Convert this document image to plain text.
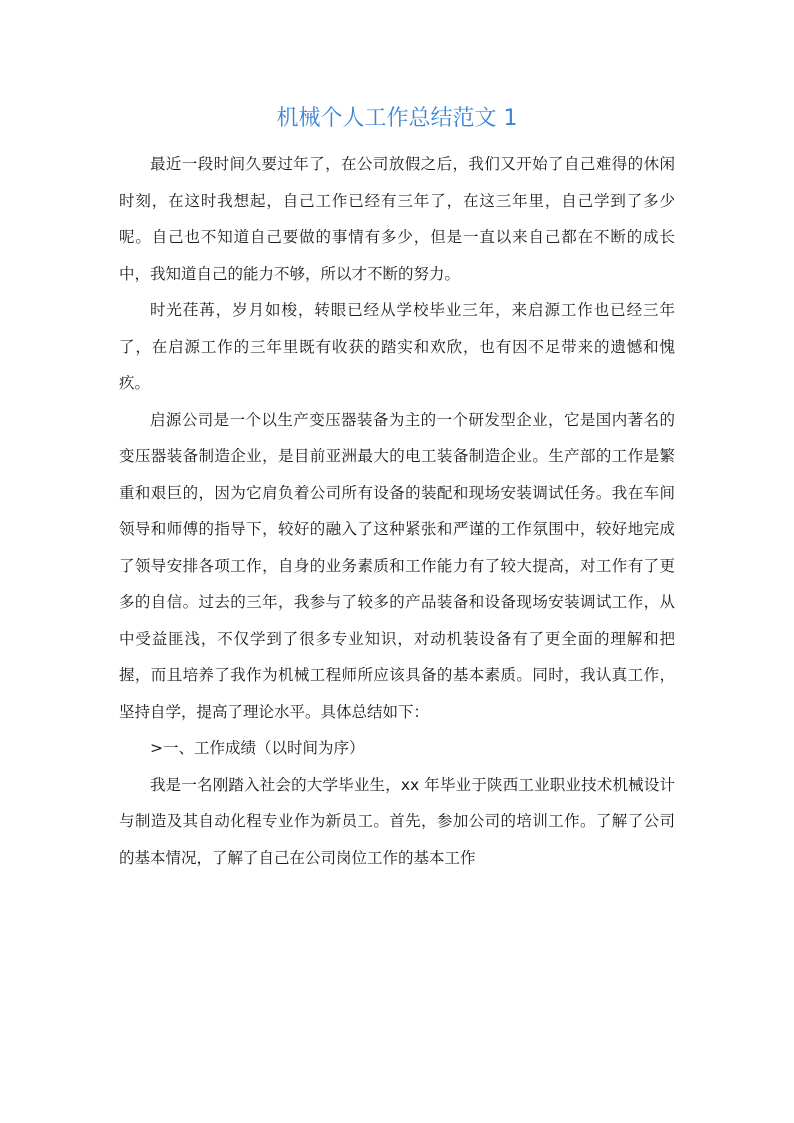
机械个人工作总结范文 1

最近一段时间久要过年了，在公司放假之后，我们又开始了自己难得的休闲时刻，在这时我想起，自己工作已经有三年了，在这三年里，自己学到了多少呢。自己也不知道自己要做的事情有多少，但是一直以来自己都在不断的成长中，我知道自己的能力不够，所以才不断的努力。

时光荏苒，岁月如梭，转眼已经从学校毕业三年，来启源工作也已经三年了，在启源工作的三年里既有收获的踏实和欢欣，也有因不足带来的遗憾和愧疚。

启源公司是一个以生产变压器装备为主的一个研发型企业，它是国内著名的变压器装备制造企业，是目前亚洲最大的电工装备制造企业。生产部的工作是繁重和艰巨的，因为它肩负着公司所有设备的装配和现场安装调试任务。我在车间领导和师傅的指导下，较好的融入了这种紧张和严谨的工作氛围中，较好地完成了领导安排各项工作，自身的业务素质和工作能力有了较大提高，对工作有了更多的自信。过去的三年，我参与了较多的产品装备和设备现场安装调试工作，从中受益匪浅，不仅学到了很多专业知识，对动机装设备有了更全面的理解和把握，而且培养了我作为机械工程师所应该具备的基本素质。同时，我认真工作，坚持自学，提高了理论水平。具体总结如下：

>一、工作成绩（以时间为序）

我是一名刚踏入社会的大学毕业生，xx 年毕业于陕西工业职业技术机械设计与制造及其自动化程专业作为新员工。首先，参加公司的培训工作。了解了公司的基本情况，了解了自己在公司岗位工作的基本工作
